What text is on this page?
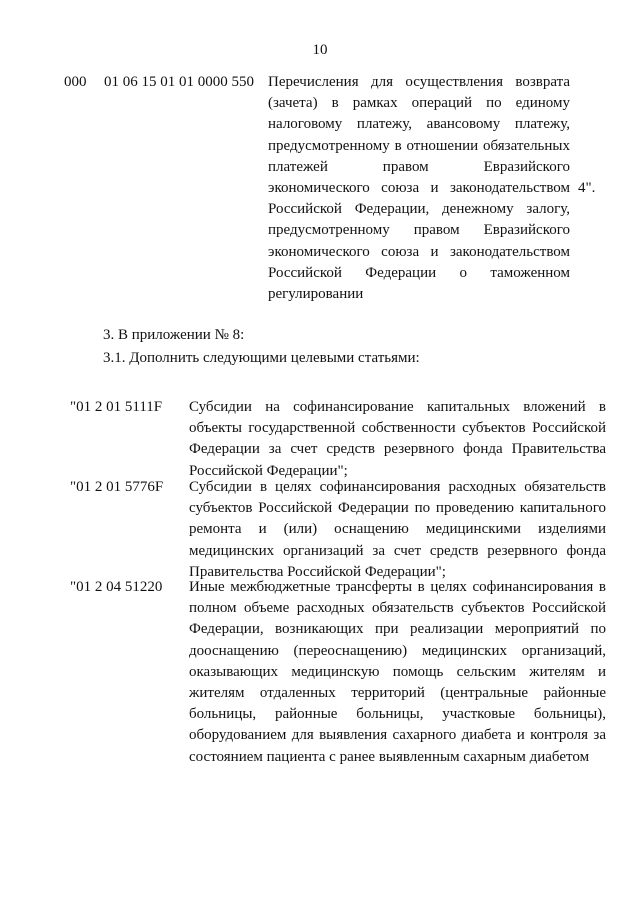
10
000 01 06 15 01 01 0000 550 Перечисления для осуществления возврата (зачета) в рамках операций по единому налоговому платежу, авансовому платежу, предусмотренному в отношении обязательных платежей правом Евразийского экономического союза и законодательством Российской Федерации, денежному залогу, предусмотренному правом Евразийского экономического союза и законодательством Российской Федерации о таможенном регулировании
4".
3. В приложении № 8:
3.1. Дополнить следующими целевыми статьями:
"01 2 01 5111F Субсидии на софинансирование капитальных вложений в объекты государственной собственности субъектов Российской Федерации за счет средств резервного фонда Правительства Российской Федерации";
"01 2 01 5776F Субсидии в целях софинансирования расходных обязательств субъектов Российской Федерации по проведению капитального ремонта и (или) оснащению медицинскими изделиями медицинских организаций за счет средств резервного фонда Правительства Российской Федерации";
"01 2 04 51220 Иные межбюджетные трансферты в целях софинансирования в полном объеме расходных обязательств субъектов Российской Федерации, возникающих при реализации мероприятий по дооснащению (переоснащению) медицинских организаций, оказывающих медицинскую помощь сельским жителям и жителям отдаленных территорий (центральные районные больницы, районные больницы, участковые больницы), оборудованием для выявления сахарного диабета и контроля за состоянием пациента с ранее выявленным сахарным диабетом
